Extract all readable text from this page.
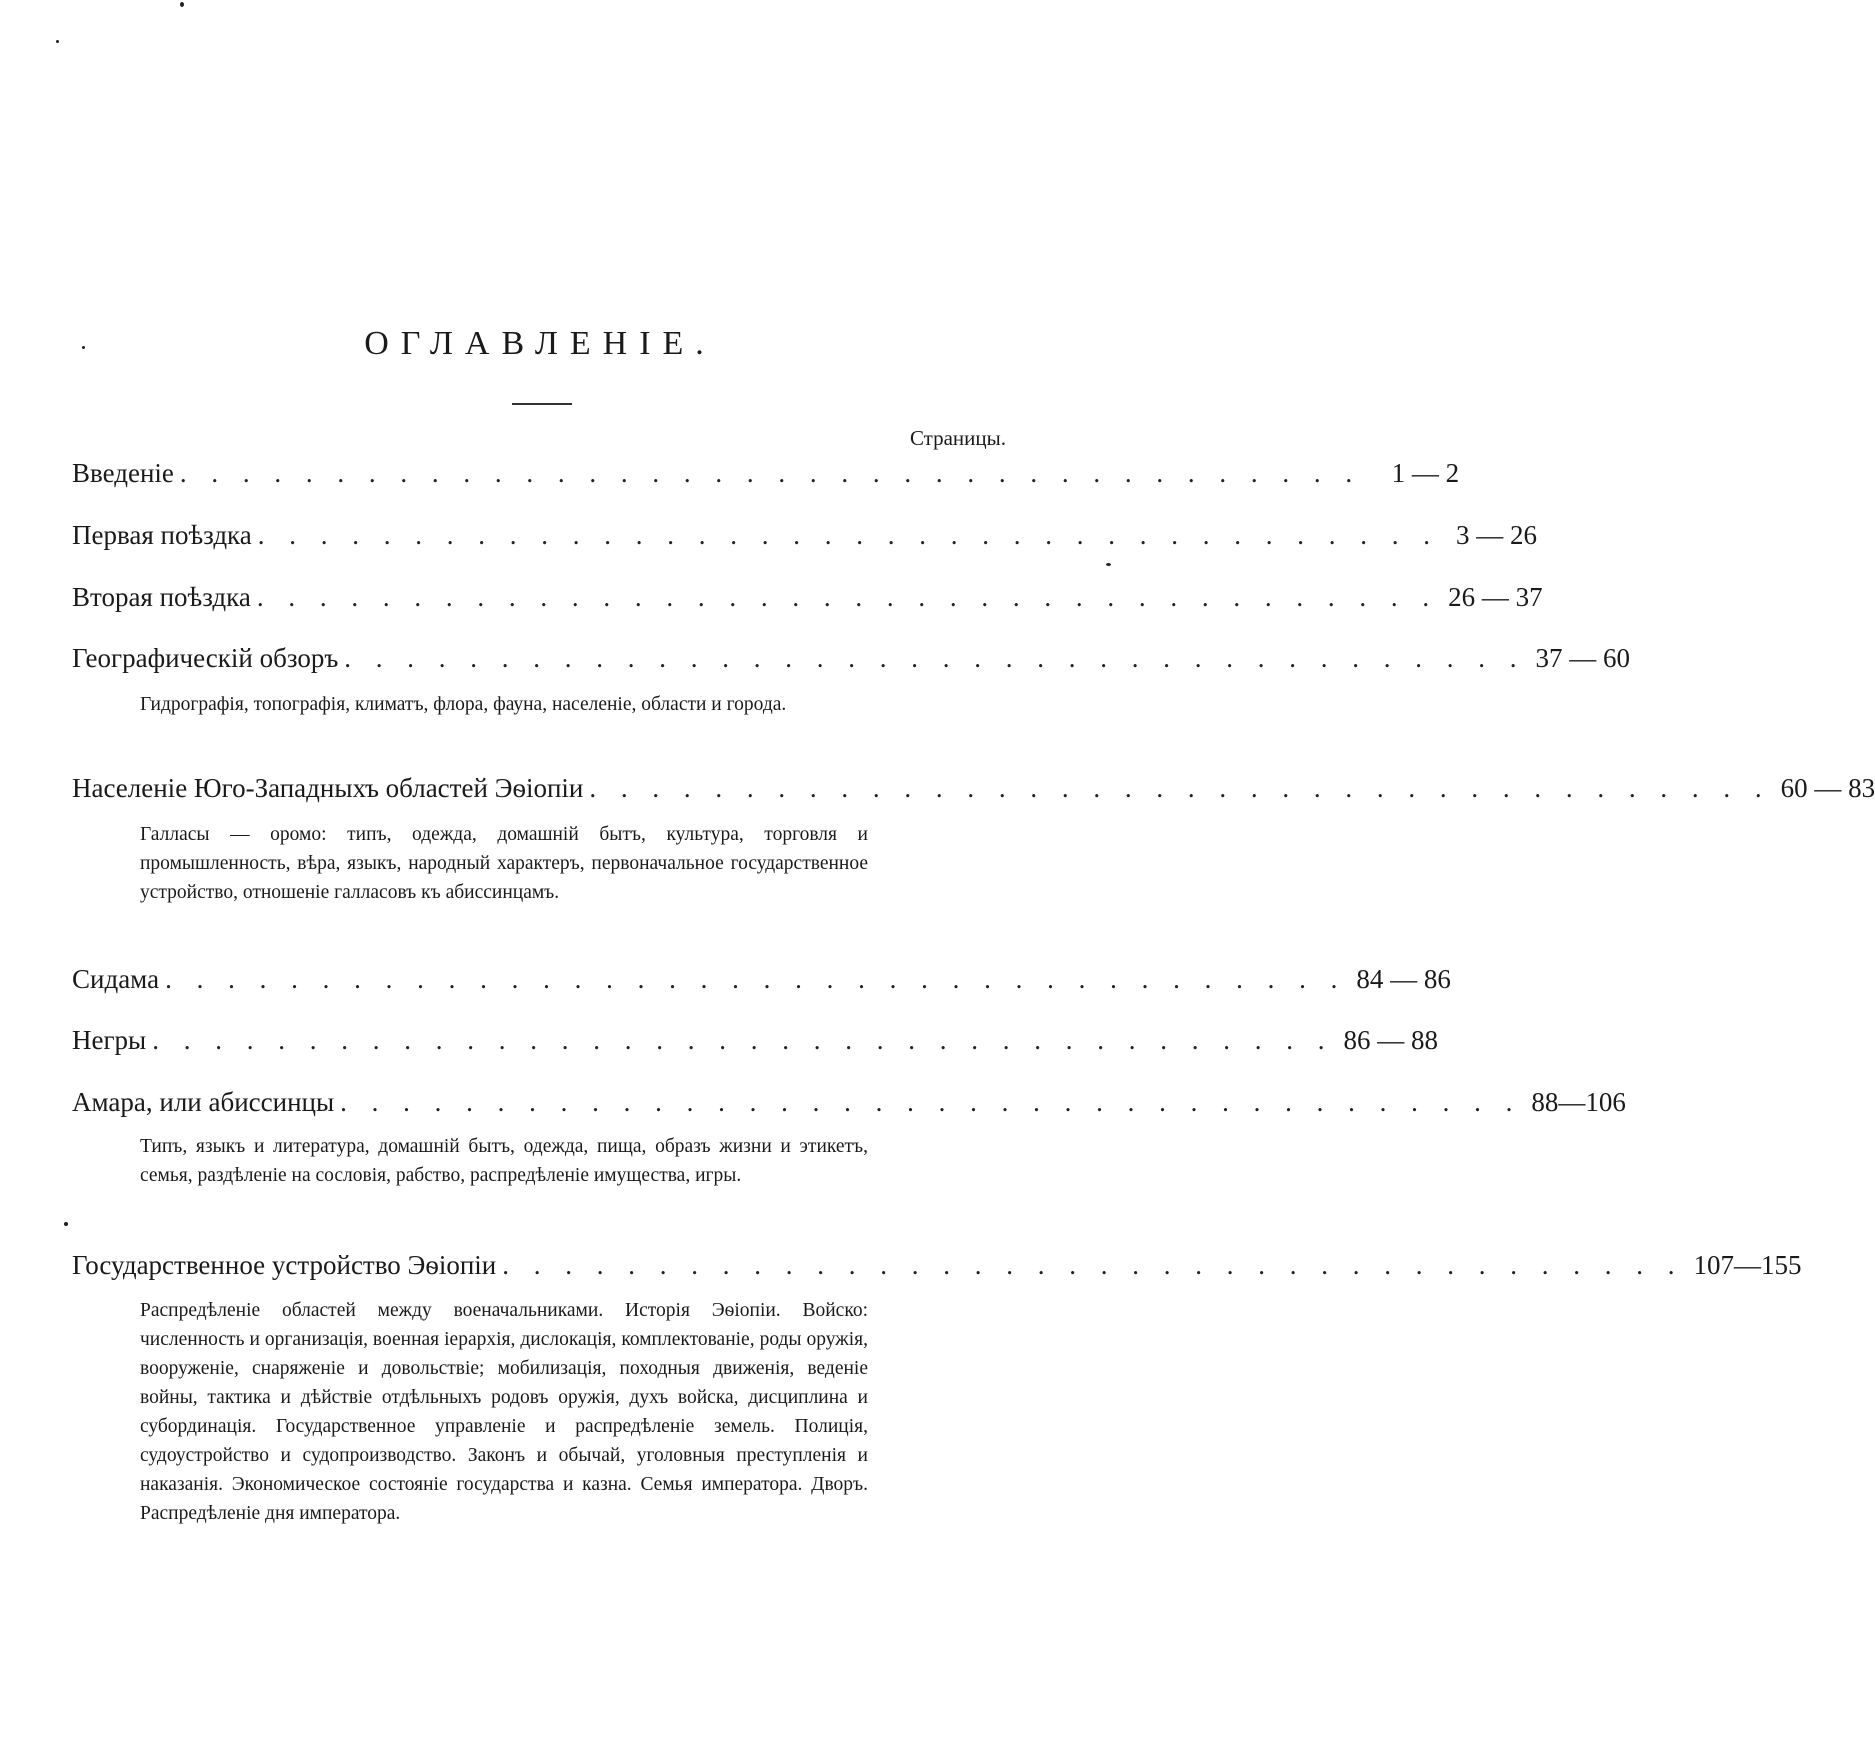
ОГЛАВЛЕНІЕ.
Страницы.
Введеніе . . . . . . . . . . . . . . . . . . . . . . . . . . . . . . . . . . . . . .	1 — 2
Первая поѣздка . . . . . . . . . . . . . . . . . . . . . . . . . . . . . . . . . . . . . . 3 — 26
Вторая поѣздка . . . . . . . . . . . . . . . . . . . . . . . . . . . . . . . . . . . . . . 26 — 37
Географическій обзоръ . . . . . . . . . . . . . . . . . . . . . . . . . . . . . . . . . . . . . . 37 — 60

Гидрографія, топографія, климатъ, флора, фауна, населеніе, области и города.

Населеніе Юго-Западныхъ областей Эѳіопіи . . . . . . . . . . . . . . . . . . . . . . . . . . . . . . . . . . . . . . 60 — 83

Галласы — оромо: типъ, одежда, домашній бытъ, культура, торговля и промышленность, вѣра, языкъ, народный характеръ, первоначальное государственное устройство, отношеніе галласовъ къ абиссинцамъ.

Сидама . . . . . . . . . . . . . . . . . . . . . . . . . . . . . . . . . . . . . . 84 — 86
Негры . . . . . . . . . . . . . . . . . . . . . . . . . . . . . . . . . . . . . . 86 — 88
Амара, или абиссинцы . . . . . . . . . . . . . . . . . . . . . . . . . . . . . . . . . . . . . . 88—106

Типъ, языкъ и литература, домашній бытъ, одежда, пища, образъ жизни и этикетъ, семья, раздѣленіе на сословія, рабство, распредѣленіе имущества, игры.

Государственное устройство Эѳіопіи . . . . . . . . . . . . . . . . . . . . . . . . . . . . . . . . . . . . . . 107—155

Распредѣленіе областей между военачальниками. Исторія Эѳіопіи. Войско: численность и организація, военная іерархія, дислокація, комплектованіе, роды оружія, вооруженіе, снаряженіе и довольствіе; мобилизація, походныя движенія, веденіе войны, тактика и дѣйствіе отдѣльныхъ родовъ оружія, духъ войска, дисциплина и субординація. Государственное управленіе и распредѣленіе земель. Полиція, судоустройство и судопроизводство. Законъ и обычай, уголовныя преступленія и наказанія. Экономическое состояніе государства и казна. Семья императора. Дворъ. Распредѣленіе дня императора.
